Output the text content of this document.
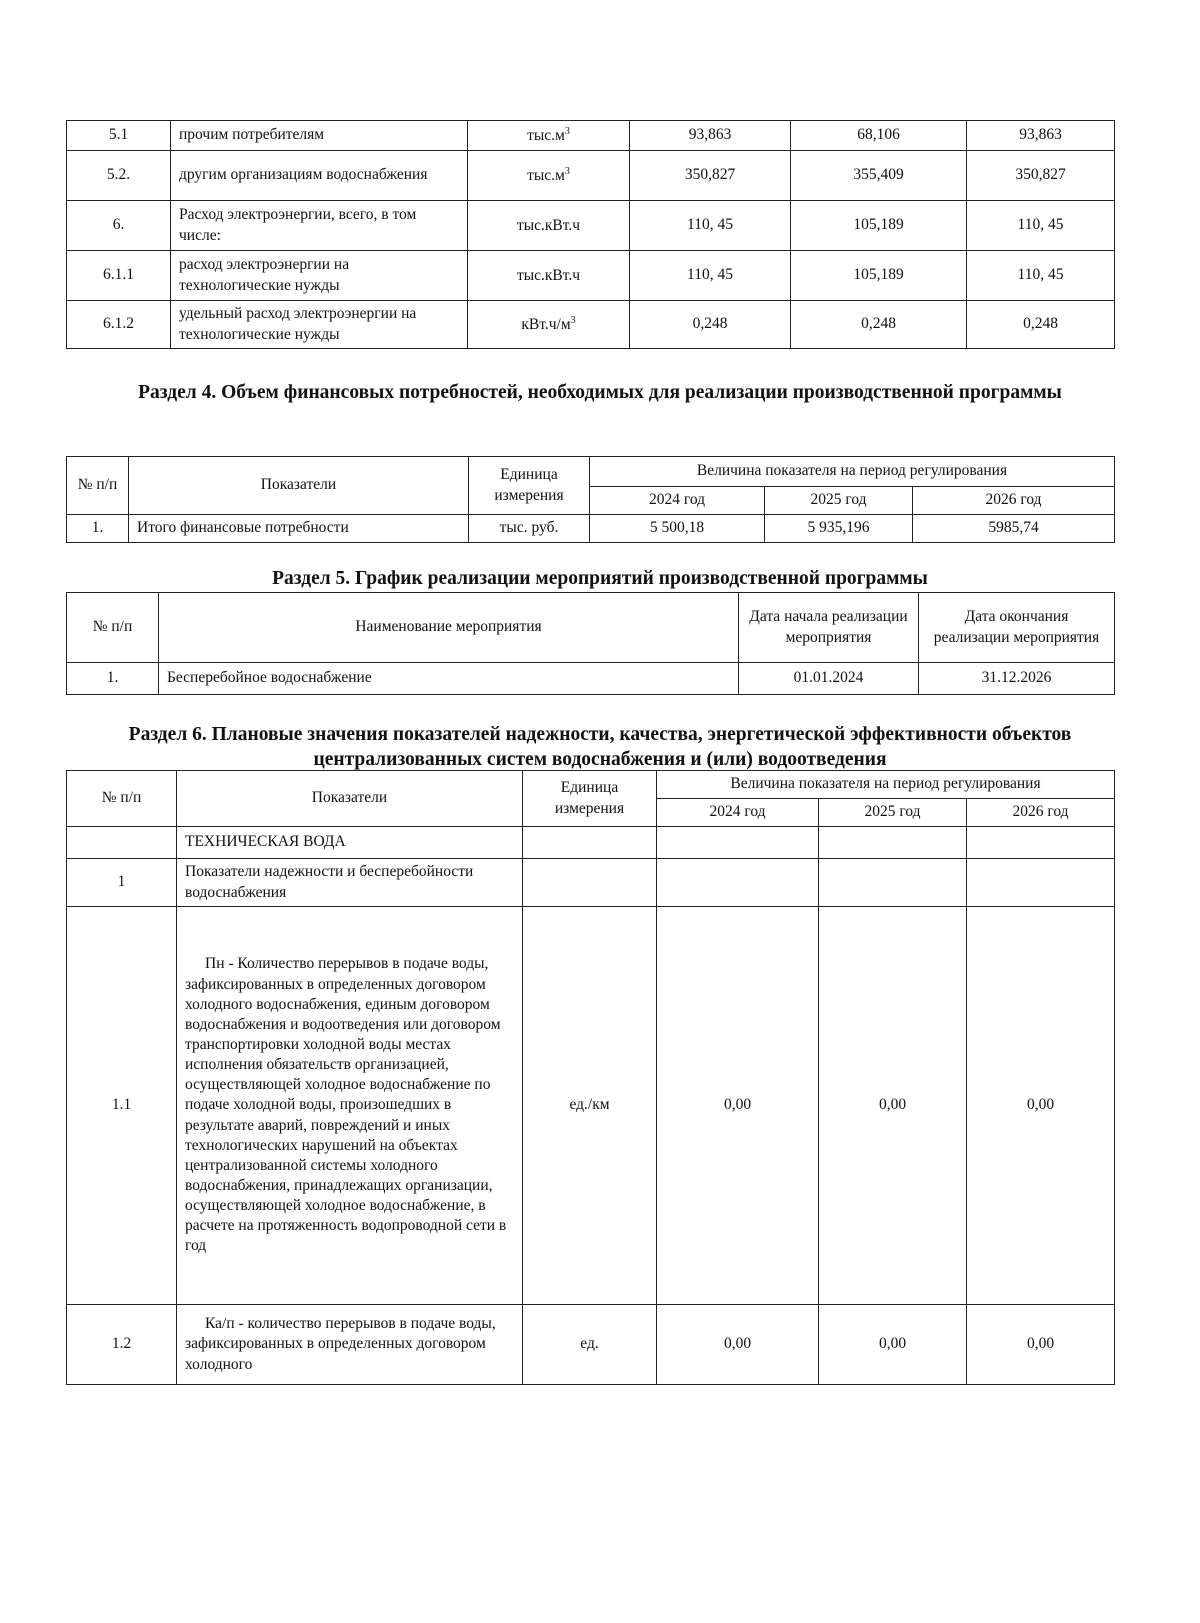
5.1	прочим потребителям	$тыс.м^3$	93,863	68,106	93,863
5.2.	другим организациям водоснабжения	$тыс.м^3$	350,827	355,409	350,827
6.	Расход электроэнергии, всего, в том числе:	тыс.кВт.ч	110, 45	105,189	110, 45
6.1.1	расход электроэнергии на технологические нужды	тыс.кВт.ч	110, 45	105,189	110, 45
6.1.2	удельный расход электроэнергии на технологические нужды	$кВт.ч/м^3$	0,248	0,248	0,248
Раздел 4. Объем финансовых потребностей, необходимых для реализации производственной программы
№ п/п	Показатели	Единица измерения	Величина показателя на период регулирования		
			2024 год	2025 год	2026 год
1.	Итого финансовые потребности	тыс. руб.	5 500,18	5 935,196	5985,74
Раздел 5. График реализации мероприятий производственной программы
№ п/п	Наименование мероприятия	Дата начала реализации мероприятия	Дата окончания реализации мероприятия
1.	Бесперебойное водоснабжение	01.01.2024	31.12.2026
Раздел 6. Плановые значения показателей надежности, качества, энергетической эффективности объектов централизованных систем водоснабжения и (или) водоотведения
№ п/п	Показатели	Единица измерения	Величина показателя на период регулирования		
			2024 год	2025 год	2026 год
	ТЕХНИЧЕСКАЯ ВОДА				
1	Показатели надежности и бесперебойности водоснабжения				
1.1	Пн - Количество перерывов в подаче воды, зафиксированных в определенных договором холодного водоснабжения, единым договором водоснабжения и водоотведения или договором транспортировки холодной воды местах исполнения обязательств организацией, осуществляющей холодное водоснабжение по подаче холодной воды, произошедших в результате аварий, повреждений и иных технологических нарушений на объектах централизованной системы холодного водоснабжения, принадлежащих организации, осуществляющей холодное водоснабжение, в расчете на протяженность водопроводной сети в год	ед./км	0,00	0,00	0,00
1.2	Ка/п - количество перерывов в подаче воды, зафиксированных в определенных договором холодного	ед.	0,00	0,00	0,00
